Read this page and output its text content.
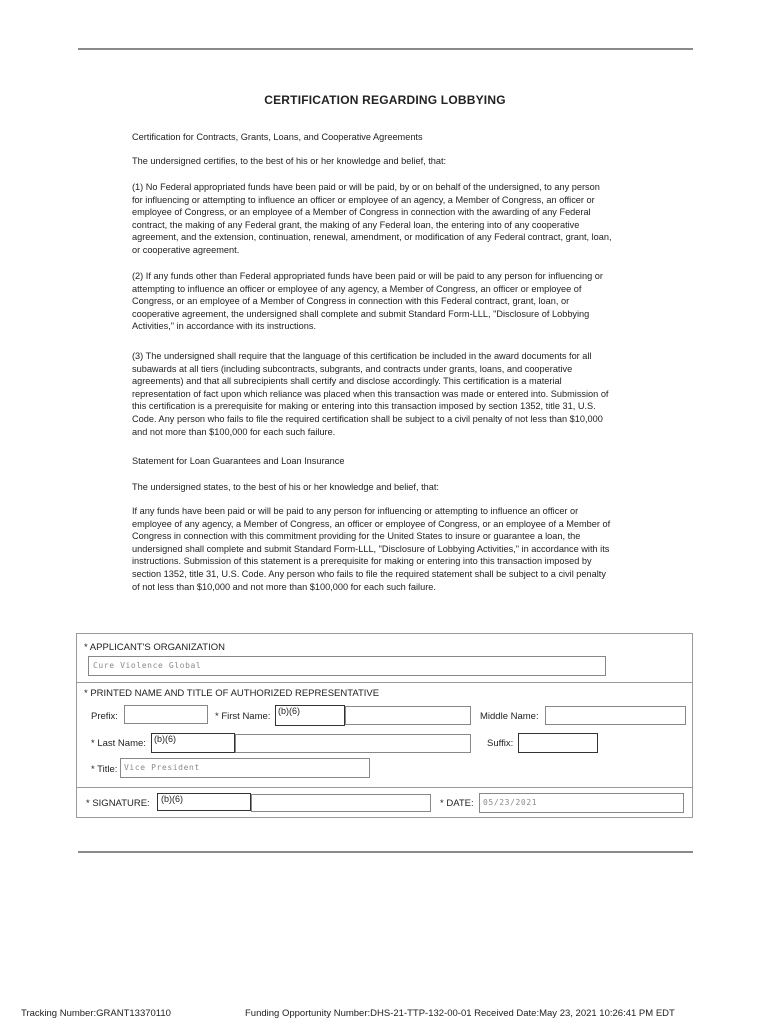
CERTIFICATION REGARDING LOBBYING

Certification for Contracts, Grants, Loans, and Cooperative Agreements

The undersigned certifies, to the best of his or her knowledge and belief, that:

(1) No Federal appropriated funds have been paid or will be paid, by or on behalf of the undersigned, to any person for influencing or attempting to influence an officer or employee of an agency, a Member of Congress, an officer or employee of Congress, or an employee of a Member of Congress in connection with the awarding of any Federal contract, the making of any Federal grant, the making of any Federal loan, the entering into of any cooperative agreement, and the extension, continuation, renewal, amendment, or modification of any Federal contract, grant, loan, or cooperative agreement.

(2) If any funds other than Federal appropriated funds have been paid or will be paid to any person for influencing or attempting to influence an officer or employee of any agency, a Member of Congress, an officer or employee of Congress, or an employee of a Member of Congress in connection with this Federal contract, grant, loan, or cooperative agreement, the undersigned shall complete and submit Standard Form-LLL, "Disclosure of Lobbying Activities," in accordance with its instructions.

(3) The undersigned shall require that the language of this certification be included in the award documents for all subawards at all tiers (including subcontracts, subgrants, and contracts under grants, loans, and cooperative agreements) and that all subrecipients shall certify and disclose accordingly. This certification is a material representation of fact upon which reliance was placed when this transaction was made or entered into. Submission of this certification is a prerequisite for making or entering into this transaction imposed by section 1352, title 31, U.S. Code. Any person who fails to file the required certification shall be subject to a civil penalty of not less than $10,000 and not more than $100,000 for each such failure.

Statement for Loan Guarantees and Loan Insurance

The undersigned states, to the best of his or her knowledge and belief, that:

If any funds have been paid or will be paid to any person for influencing or attempting to influence an officer or employee of any agency, a Member of Congress, an officer or employee of Congress, or an employee of a Member of Congress in connection with this commitment providing for the United States to insure or guarantee a loan, the undersigned shall complete and submit Standard Form-LLL, "Disclosure of Lobbying Activities," in accordance with its instructions. Submission of this statement is a prerequisite for making or entering into this transaction imposed by section 1352, title 31, U.S. Code. Any person who fails to file the required statement shall be subject to a civil penalty of not less than $10,000 and not more than $100,000 for each such failure.

* APPLICANT'S ORGANIZATION
Cure Violence Global
* PRINTED NAME AND TITLE OF AUTHORIZED REPRESENTATIVE
Prefix:	* First Name: (b)(6)	Middle Name:
* Last Name: (b)(6)	Suffix:
* Title: Vice President
* SIGNATURE: (b)(6)	* DATE: 05/23/2021
Tracking Number:GRANT13370110	Funding Opportunity Number:DHS-21-TTP-132-00-01 Received Date:May 23, 2021 10:26:41 PM EDT
